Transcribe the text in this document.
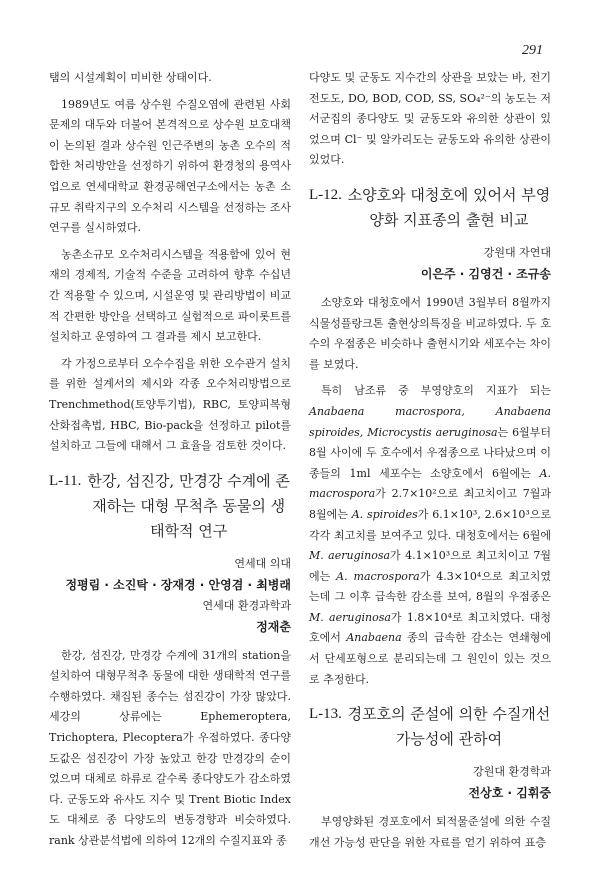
291

탬의 시설계획이 미비한 상태이다.

1989년도 여름 상수원 수질오염에 관련된 사회문제의 대두와 더불어 본격적으로 상수원 보호대책이 논의된 결과 상수원 인근주변의 농촌 오수의 적합한 처리방안을 선정하기 위하여 환경청의 용역사업으로 연세대학교 환경공해연구소에서는 농촌 소규모 취락지구의 오수처리 시스템을 선정하는 조사연구를 실시하였다.

농촌소규모 오수처리시스템을 적용함에 있어 현재의 경제적, 기술적 수준을 고려하여 향후 수십년간 적용할 수 있으며, 시설운영 및 관리방법이 비교적 간편한 방안을 선택하고 실험적으로 파이롯트를 설치하고 운영하여 그 결과를 제시 보고한다.

각 가정으로부터 오수수집을 위한 오수관거 설치를 위한 설계서의 제시와 각종 오수처리방법으로 Trenchmethod(토양투기법), RBC, 토양피복형산화접촉법, HBC, Bio-pack을 선정하고 pilot를 설치하고 그들에 대해서 그 효율을 검토한 것이다.

L-11. 한강, 섬진강, 만경강 수계에 존재하는 대형 무척추 동물의 생태학적 연구
연세대 의대
정평림 · 소진탁 · 장재경 · 안영겸 · 최병래
연세대 환경과학과
정재춘

한강, 섬진강, 만경강 수계에 31개의 station을 설치하여 대형무척추 동물에 대한 생태학적 연구를 수행하였다. 채집된 종수는 섬진강이 가장 많았다. 세강의 상류에는 Ephemeroptera, Trichoptera, Plecoptera가 우점하였다. 종다양도값은 섬진강이 가장 높았고 한강 만경강의 순이었으며 대체로 하류로 갈수록 종다양도가 감소하였다. 군동도와 유사도 지수 및 Trent Biotic Index도 대체로 종 다양도의 변동경향과 비슷하였다. rank 상관분석법에 의하여 12개의 수질지표와 종

다양도 및 군동도 지수간의 상관을 보았는 바, 전기전도도, DO, BOD, COD, SS, SO₄²⁻의 농도는 저서군집의 종다양도 및 균동도와 유의한 상관이 있었으며 Cl⁻ 및 알카리도는 균동도와 유의한 상관이 있었다.

L-12. 소양호와 대청호에 있어서 부영양화 지표종의 출현 비교
강원대 자연대
이은주 · 김영건 · 조규송

소양호와 대청호에서 1990년 3월부터 8월까지 식물성플랑크톤 출현상의특징을 비교하였다. 두 호수의 우점종은 비슷하나 출현시기와 세포수는 차이를 보였다.

특히 남조류 중 부영양호의 지표가 되는 Anabaena macrospora, Anabaena spiroides, Microcystis aeruginosa는 6월부터 8월 사이에 두 호수에서 우점종으로 나타났으며 이 종들의 1ml 세포수는 소양호에서 6월에는 A. macrospora가 2.7×10²으로 최고치이고 7월과 8월에는 A. spiroides가 6.1×10³, 2.6×10³으로 각각 최고치를 보여주고 있다. 대청호에서는 6월에 M. aeruginosa가 4.1×10³으로 최고치이고 7월에는 A. macrospora가 4.3×10⁴으로 최고치였는데 그 이후 급속한 감소를 보여, 8월의 우점종은 M. aeruginosa가 1.8×10⁴로 최고치였다. 대청호에서 Anabaena 종의 급속한 감소는 연쇄형에서 단세포형으로 분리되는데 그 원인이 있는 것으로 추정한다.

L-13. 경포호의 준설에 의한 수질개선 가능성에 관하여
강원대 환경학과
전상호 · 김휘중

부영양화된 경포호에서 퇴적물준설에 의한 수질개선 가능성 판단을 위한 자료를 얻기 위하여 표층
